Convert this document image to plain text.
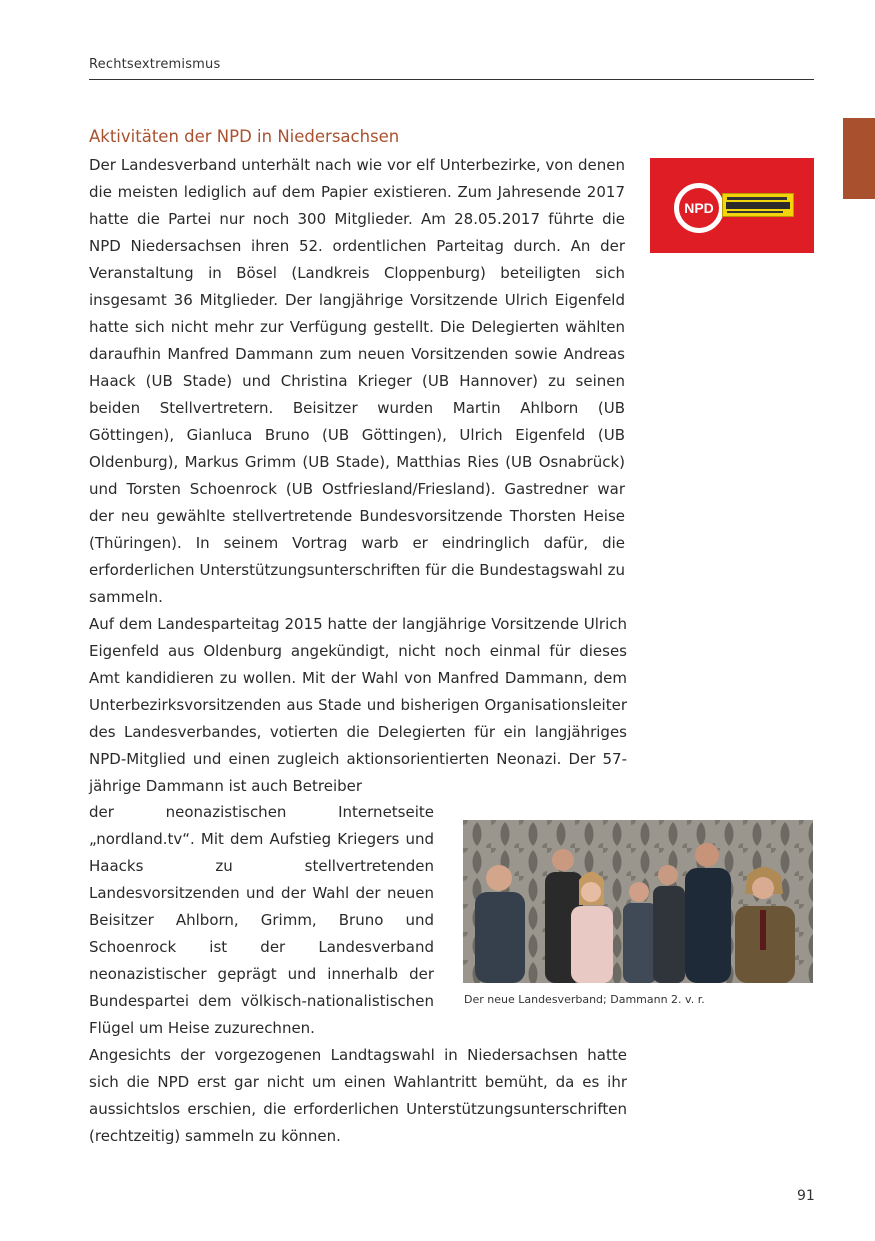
Rechtsextremismus
Aktivitäten der NPD in Niedersachsen

Der Landesverband unterhält nach wie vor elf Unterbezirke, von denen die meisten lediglich auf dem Papier existieren. Zum Jahresende 2017 hatte die Partei nur noch 300 Mitglieder. Am 28.05.2017 führte die NPD Niedersachsen ihren 52. ordentlichen Parteitag durch. An der Veranstaltung in Bösel (Landkreis Cloppenburg) beteiligten sich insgesamt 36 Mitglieder. Der langjährige Vorsitzende Ulrich Eigenfeld hatte sich nicht mehr zur Verfügung gestellt. Die Delegierten wählten daraufhin Manfred Dammann zum neuen Vorsitzenden sowie Andreas Haack (UB Stade) und Christina Krieger (UB Hannover) zu seinen beiden Stellvertretern. Beisitzer wurden Martin Ahlborn (UB Göttingen), Gianluca Bruno (UB Göttingen), Ulrich Eigenfeld (UB Oldenburg), Markus Grimm (UB Stade), Matthias Ries (UB Osnabrück) und Torsten Schoenrock (UB Ostfriesland/Friesland). Gastredner war der neu gewählte stellvertretende Bundesvorsitzende Thorsten Heise (Thüringen). In seinem Vortrag warb er eindringlich dafür, die erforderlichen Unterstützungsunterschriften für die Bundestagswahl zu sammeln.

NPD

Auf dem Landesparteitag 2015 hatte der langjährige Vorsitzende Ulrich Eigenfeld aus Oldenburg angekündigt, nicht noch einmal für dieses Amt kandidieren zu wollen. Mit der Wahl von Manfred Dammann, dem Unterbezirksvorsitzenden aus Stade und bisherigen Organisationsleiter des Landesverbandes, votierten die Delegierten für ein langjähriges NPD-Mitglied und einen zugleich aktionsorientierten Neonazi. Der 57-jährige Dammann ist auch Betreiber

der neonazistischen Internetseite „nordland.tv“. Mit dem Aufstieg Kriegers und Haacks zu stellvertretenden Landesvorsitzenden und der Wahl der neuen Beisitzer Ahlborn, Grimm, Bruno und Schoenrock ist der Landesverband neonazistischer geprägt und innerhalb der Bundespartei dem völkisch-nationalistischen Flügel um Heise zuzurechnen.

Der neue Landesverband; Dammann 2. v. r.

Angesichts der vorgezogenen Landtagswahl in Niedersachsen hatte sich die NPD erst gar nicht um einen Wahlantritt bemüht, da es ihr aussichtslos erschien, die erforderlichen Unterstützungsunterschriften (rechtzeitig) sammeln zu können.

91
